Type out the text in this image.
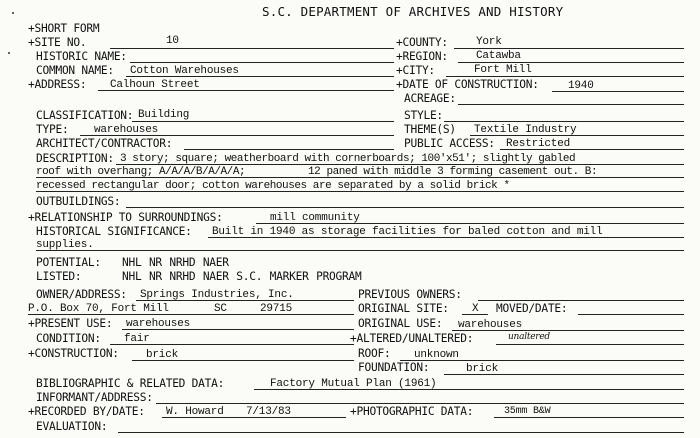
S.C. DEPARTMENT OF ARCHIVES AND HISTORY
+SHORT FORM
+SITE NO.	10	+COUNTY:	York
HISTORIC NAME:	+REGION:	Catawba
COMMON NAME: Cotton Warehouses	+CITY:	Fort Mill
+ADDRESS: Calhoun Street	+DATE OF CONSTRUCTION:	1940
ACREAGE:
CLASSIFICATION: Building	STYLE:
TYPE: warehouses	THEME(S) Textile Industry
ARCHITECT/CONTRACTOR:	PUBLIC ACCESS: Restricted
DESCRIPTION: 3 story; square; weatherboard with cornerboards; 100'x51'; slightly gabled
roof with overhang; A/A/A/B/A/A/A;	12 paned with middle 3 forming casement out. B:
recessed rectangular door; cotton warehouses are separated by a solid brick *
OUTBUILDINGS:
+RELATIONSHIP TO SURROUNDINGS:	mill community
HISTORICAL SIGNIFICANCE: Built in 1940 as storage facilities for baled cotton and mill
supplies.
POTENTIAL: NHL NR NRHD NAER
LISTED:	NHL NR NRHD NAER S.C. MARKER PROGRAM
OWNER/ADDRESS: Springs Industries, Inc.	PREVIOUS OWNERS:
P.O. Box 70, Fort Mill	SC	29715	ORIGINAL SITE: X MOVED/DATE:
+PRESENT USE: warehouses	ORIGINAL USE: warehouses
CONDITION: fair	+ALTERED/UNALTERED:	unaltered
+CONSTRUCTION: brick	ROOF: unknown
FOUNDATION:	brick
BIBLIOGRAPHIC & RELATED DATA:	Factory Mutual Plan (1961)
INFORMANT/ADDRESS:
+RECORDED BY/DATE: W. Howard 7/13/83	+PHOTOGRAPHIC DATA:	35mm B&W
EVALUATION:
